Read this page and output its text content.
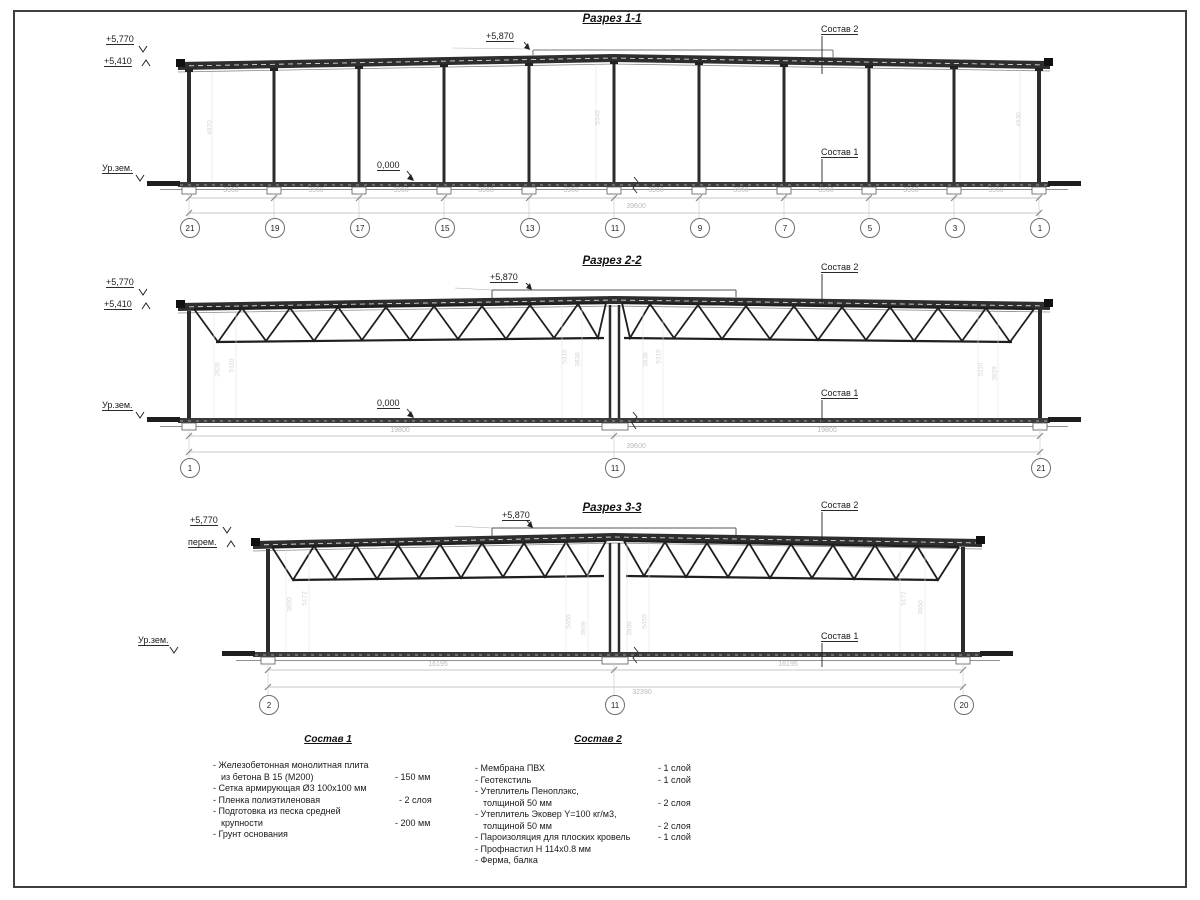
Разрез 1-1
+5,770
+5,410
+5,870
Ур.зем.	0,000
Состав 2
Состав 1
3960	3960	3960	3960	3960	3960	3960	3960	3960	3960
39600
4970
5345	4930
21	19	17	15	13	11	9	7	5	3	1
Разрез 2-2
+5,770
+5,410
+5,870
Ур.зем.	0,000
Состав 2
Состав 1
19800	19800
39600
2928 5110
5315 3838	3838 5315
5110 3929
1	11	21
Разрез 3-3
+5,770
перем.
+5,870
Ур.зем.
Состав 2
Состав 1
16195	16195
32390
3650 5172
5455 3909	3909 5455
5172
3650
2	11	20
Состав 1
- Железобетонная монолитная плита
из бетона В 15 (М200)	- 150 мм
- Сетка армирующая Ø3 100x100 мм
- Пленка полиэтиленовая	- 2 слоя
- Подготовка из песка средней
крупности	- 200 мм
- Грунт основания
Состав 2
- Мембрана ПВХ	- 1 слой
- Геотекстиль	- 1 слой
- Утеплитель Пеноплэкс,
толщиной 50 мм	- 2 слоя
- Утеплитель Эковер Y=100 кг/м3,
толщиной 50 мм	- 2 слоя
- Пароизоляция для плоских кровель	- 1 слой
- Профнастил Н 114x0.8 мм
- Ферма, балка
